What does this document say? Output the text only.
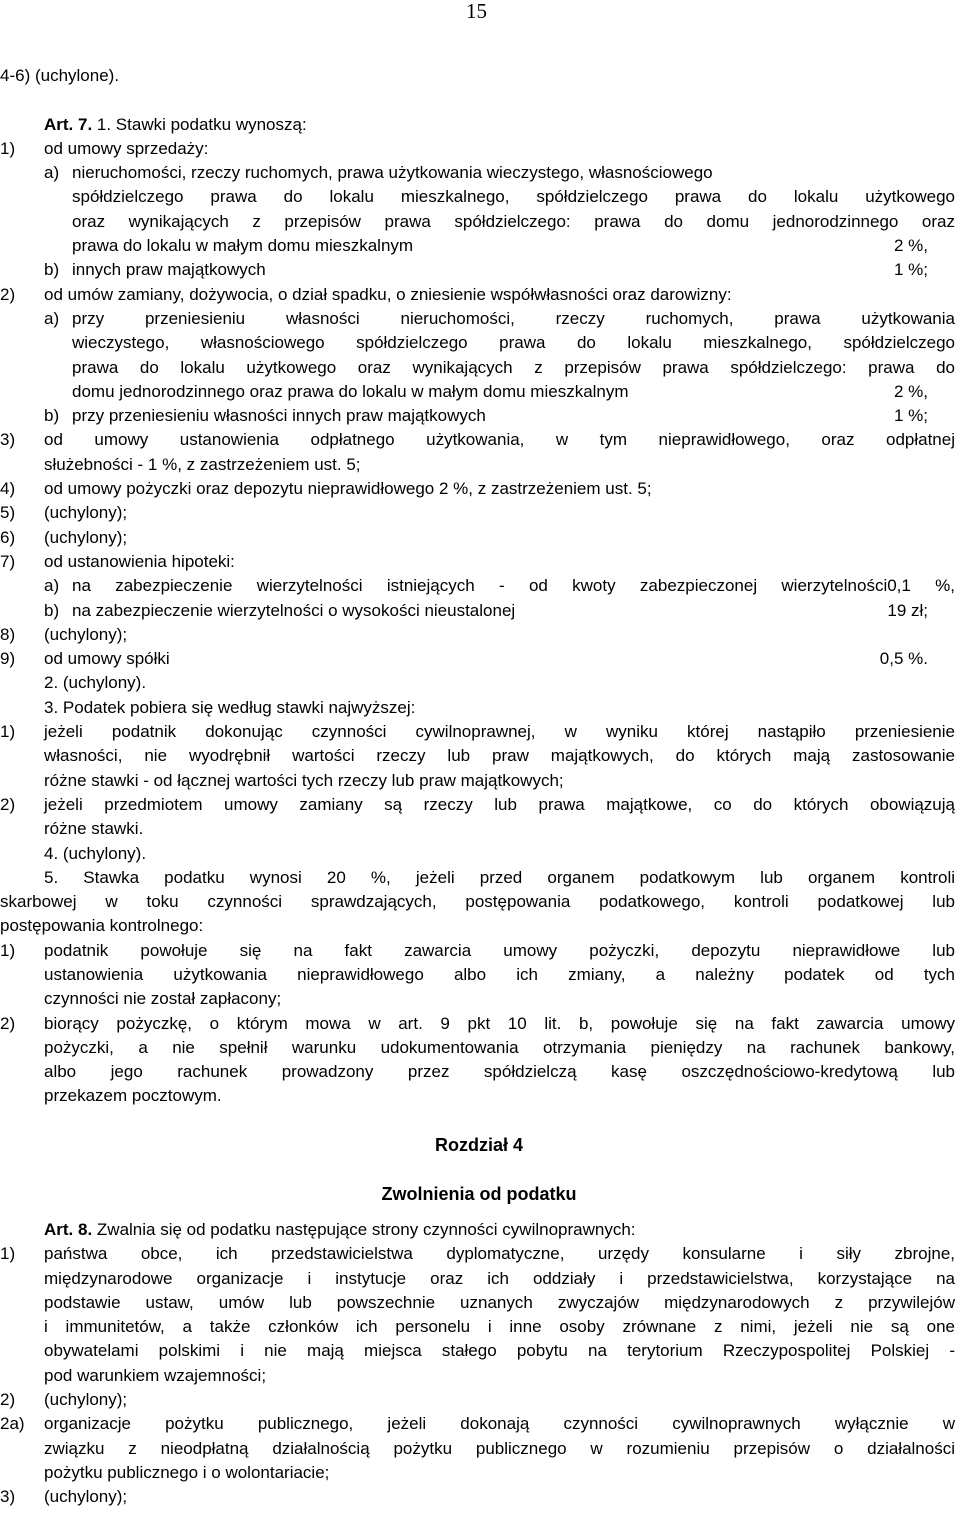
15
4-6) (uchylone).
Art. 7. 1. Stawki podatku wynoszą:
1) od umowy sprzedaży:
a) nieruchomości, rzeczy ruchomych, prawa użytkowania wieczystego, własnościowego
spółdzielczego prawa do lokalu mieszkalnego, spółdzielczego prawa do lokalu użytkowego
oraz wynikających z przepisów prawa spółdzielczego: prawa do domu jednorodzinnego oraz
prawa do lokalu w małym domu mieszkalnym	2 %,
b) innych praw majątkowych	1 %;
2) od umów zamiany, dożywocia, o dział spadku, o zniesienie współwłasności oraz darowizny:
a) przy przeniesieniu własności nieruchomości, rzeczy ruchomych, prawa użytkowania
wieczystego, własnościowego spółdzielczego prawa do lokalu mieszkalnego, spółdzielczego
prawa do lokalu użytkowego oraz wynikających z przepisów prawa spółdzielczego: prawa do
domu jednorodzinnego oraz prawa do lokalu w małym domu mieszkalnym	2 %,
b) przy przeniesieniu własności innych praw majątkowych	1 %;
3) od umowy ustanowienia odpłatnego użytkowania, w tym nieprawidłowego, oraz odpłatnej
służebności - 1 %, z zastrzeżeniem ust. 5;
4) od umowy pożyczki oraz depozytu nieprawidłowego 2 %, z zastrzeżeniem ust. 5;
5) (uchylony);
6) (uchylony);
7) od ustanowienia hipoteki:
a) na zabezpieczenie wierzytelności istniejących - od kwoty zabezpieczonej wierzytelności0,1 %,
b) na zabezpieczenie wierzytelności o wysokości nieustalonej	19 zł;
8) (uchylony);
9) od umowy spółki	0,5 %.
2. (uchylony).
3. Podatek pobiera się według stawki najwyższej:
1) jeżeli podatnik dokonując czynności cywilnoprawnej, w wyniku której nastąpiło przeniesienie
własności, nie wyodrębnił wartości rzeczy lub praw majątkowych, do których mają zastosowanie
różne stawki - od łącznej wartości tych rzeczy lub praw majątkowych;
2) jeżeli przedmiotem umowy zamiany są rzeczy lub prawa majątkowe, co do których obowiązują
różne stawki.
4. (uchylony).
5. Stawka podatku wynosi 20 %, jeżeli przed organem podatkowym lub organem kontroli
skarbowej w toku czynności sprawdzających, postępowania podatkowego, kontroli podatkowej lub
postępowania kontrolnego:
1) podatnik powołuje się na fakt zawarcia umowy pożyczki, depozytu nieprawidłowe lub
ustanowienia użytkowania nieprawidłowego albo ich zmiany, a należny podatek od tych
czynności nie został zapłacony;
2) biorący pożyczkę, o którym mowa w art. 9 pkt 10 lit. b, powołuje się na fakt zawarcia umowy
pożyczki, a nie spełnił warunku udokumentowania otrzymania pieniędzy na rachunek bankowy,
albo jego rachunek prowadzony przez spółdzielczą kasę oszczędnościowo-kredytową lub
przekazem pocztowym.
Rozdział 4
Zwolnienia od podatku
Art. 8. Zwalnia się od podatku następujące strony czynności cywilnoprawnych:
1) państwa obce, ich przedstawicielstwa dyplomatyczne, urzędy konsularne i siły zbrojne,
międzynarodowe organizacje i instytucje oraz ich oddziały i przedstawicielstwa, korzystające na
podstawie ustaw, umów lub powszechnie uznanych zwyczajów międzynarodowych z przywilejów
i immunitetów, a także członków ich personelu i inne osoby zrównane z nimi, jeżeli nie są one
obywatelami polskimi i nie mają miejsca stałego pobytu na terytorium Rzeczypospolitej Polskiej -
pod warunkiem wzajemności;
2) (uchylony);
2a) organizacje pożytku publicznego, jeżeli dokonają czynności cywilnoprawnych wyłącznie w
związku z nieodpłatną działalnością pożytku publicznego w rozumieniu przepisów o działalności
pożytku publicznego i o wolontariacie;
3) (uchylony);
